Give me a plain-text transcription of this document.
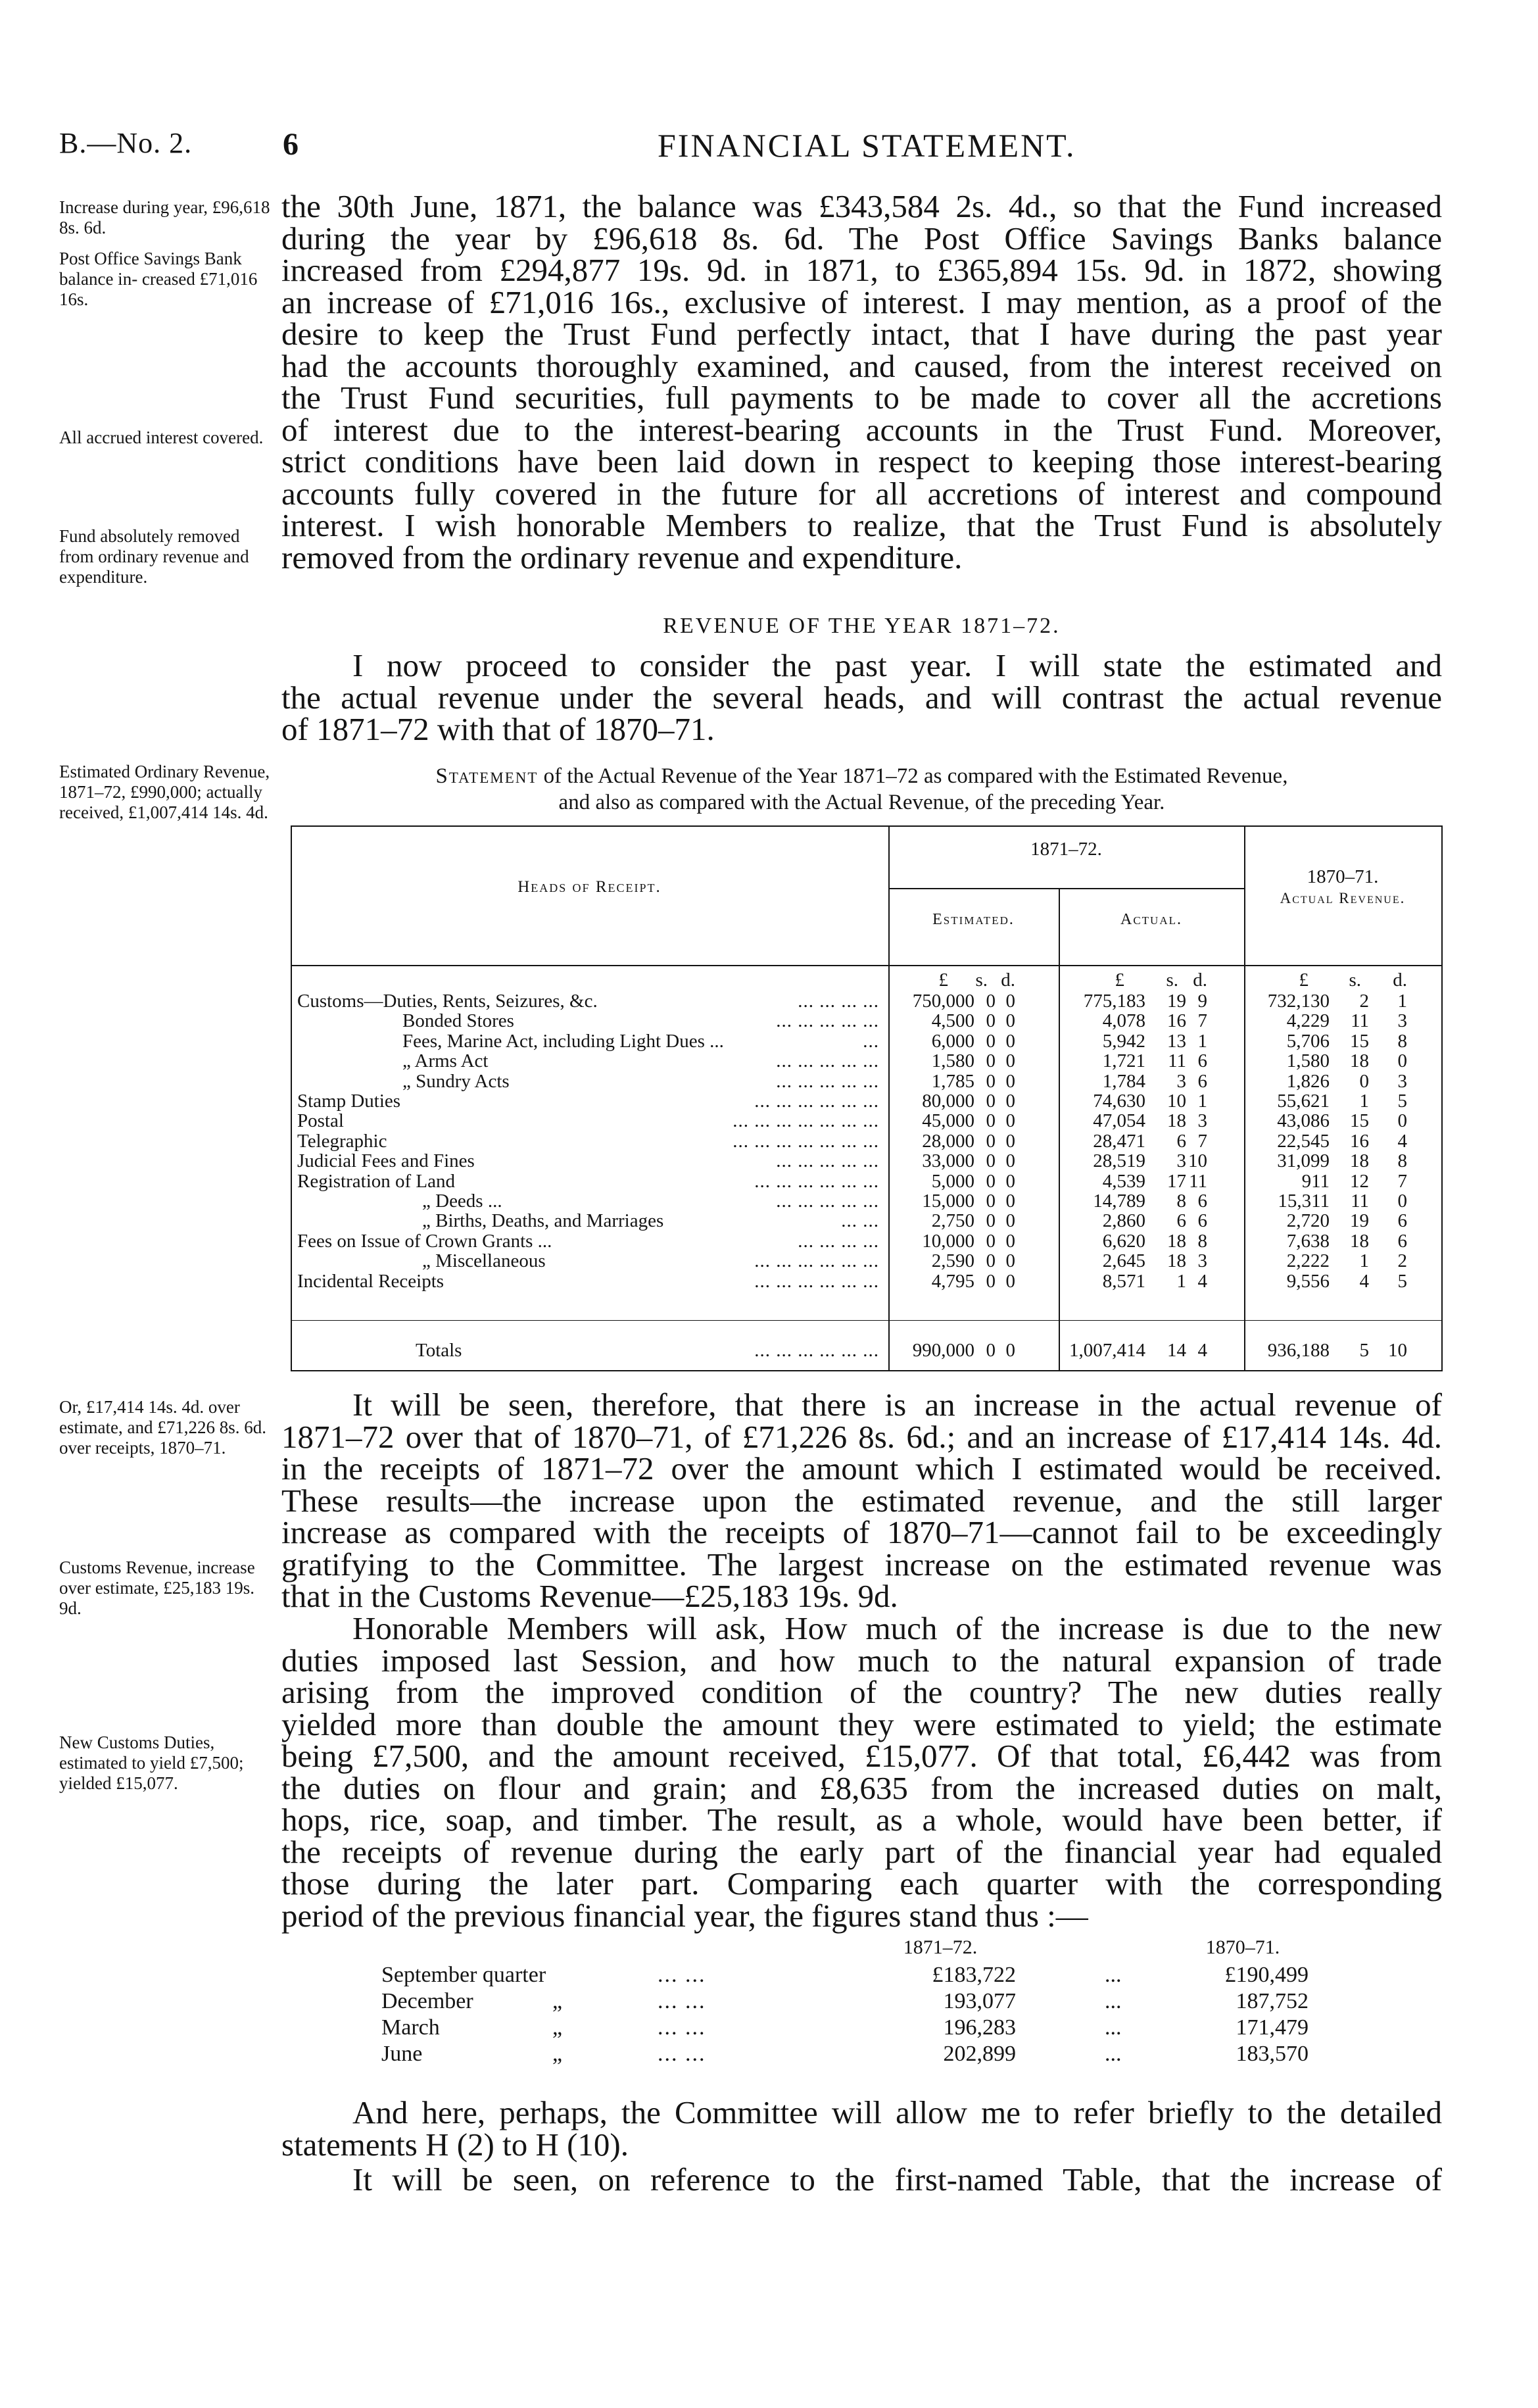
B.—No. 2.	6	FINANCIAL STATEMENT.
Increase during year, £96,618 8s. 6d.
Post Office Savings Bank balance in- creased £71,016 16s.
All accrued interest covered.
Fund absolutely removed from ordinary revenue and expenditure.
Estimated Ordinary Revenue, 1871–72, £990,000; actually received, £1,007,414 14s. 4d.
Or, £17,414 14s. 4d. over estimate, and £71,226 8s. 6d. over receipts, 1870–71.
Customs Revenue, increase over estimate, £25,183 19s. 9d.
New Customs Duties, estimated to yield £7,500; yielded £15,077.
the 30th June, 1871, the balance was £343,584 2s. 4d., so that the Fund increased
during the year by £96,618 8s. 6d. The Post Office Savings Banks balance
increased from £294,877 19s. 9d. in 1871, to £365,894 15s. 9d. in 1872, showing
an increase of £71,016 16s., exclusive of interest. I may mention, as a proof of the
desire to keep the Trust Fund perfectly intact, that I have during the past year
had the accounts thoroughly examined, and caused, from the interest received on
the Trust Fund securities, full payments to be made to cover all the accretions
of interest due to the interest-bearing accounts in the Trust Fund. Moreover,
strict conditions have been laid down in respect to keeping those interest-bearing
accounts fully covered in the future for all accretions of interest and compound
interest. I wish honorable Members to realize, that the Trust Fund is absolutely
removed from the ordinary revenue and expenditure.
REVENUE OF THE YEAR 1871–72.
I now proceed to consider the past year. I will state the estimated and
the actual revenue under the several heads, and will contrast the actual revenue
of 1871–72 with that of 1870–71.
Statement of the Actual Revenue of the Year 1871–72 as compared with the Estimated Revenue,
and also as compared with the Actual Revenue, of the preceding Year.
Heads of Receipt.
1871–72.
Estimated.	Actual.
1870–71.
Actual Revenue.
£ s. d.	£ s. d.	£ s. d.
Customs—Duties, Rents, Seizures, &c.	... ... ... ... 750,000 0 0	775,183 19 9	732,130 2 1
Bonded Stores	... ... ... ... ...	4,500 0 0	4,078 16 7	4,229 11 3
Fees, Marine Act, including Light Dues ...	...	6,000 0 0	5,942 13 1	5,706 15 8
„ Arms Act	... ... ... ... ...	1,580 0 0	1,721 11 6	1,580 18 0
„ Sundry Acts	... ... ... ... ...	1,785 0 0	1,784 3 6	1,826 0 3
Stamp Duties	... ... ... ... ... ... 80,000 0 0	74,630 10 1	55,621 1 5
Postal	... ... ... ... ... ... ... 45,000 0 0	47,054 18 3	43,086 15 0
Telegraphic	... ... ... ... ... ... ... 28,000 0 0	28,471 6 7	22,545 16 4
Judicial Fees and Fines	... ... ... ... ... 33,000 0 0	28,519 3 10	31,099 18 8
Registration of Land	... ... ... ... ... ...	5,000 0 0	4,539 17 11	911 12 7
„ Deeds ...	... ... ... ... ... 15,000 0 0	14,789 8 6	15,311 11 0
„ Births, Deaths, and Marriages	... ...	2,750 0 0	2,860 6 6	2,720 19 6
Fees on Issue of Crown Grants ...	... ... ... ... 10,000 0 0	6,620 18 8	7,638 18 6
„ Miscellaneous	... ... ... ... ... ...	2,590 0 0	2,645 18 3	2,222 1 2
Incidental Receipts	... ... ... ... ... ...	4,795 0 0	8,571 1 4	9,556 4 5
Totals	... ... ... ... ... ... 990,000 0 0	1,007,414 14 4	936,188 5 10
It will be seen, therefore, that there is an increase in the actual revenue of
1871–72 over that of 1870–71, of £71,226 8s. 6d.; and an increase of £17,414 14s. 4d.
in the receipts of 1871–72 over the amount which I estimated would be received.
These results—the increase upon the estimated revenue, and the still larger
increase as compared with the receipts of 1870–71—cannot fail to be exceedingly
gratifying to the Committee. The largest increase on the estimated revenue was
that in the Customs Revenue—£25,183 19s. 9d.
Honorable Members will ask, How much of the increase is due to the new
duties imposed last Session, and how much to the natural expansion of trade
arising from the improved condition of the country? The new duties really
yielded more than double the amount they were estimated to yield; the estimate
being £7,500, and the amount received, £15,077. Of that total, £6,442 was from
the duties on flour and grain; and £8,635 from the increased duties on malt,
hops, rice, soap, and timber. The result, as a whole, would have been better, if
the receipts of revenue during the early part of the financial year had equaled
those during the later part. Comparing each quarter with the corresponding
period of the previous financial year, the figures stand thus :—
1871–72.	1870–71.
September quarter	... ...	£183,722	...	£190,499
December	„	... ...	193,077	...	187,752
March	„	... ...	196,283	...	171,479
June	„	... ...	202,899	...	183,570
And here, perhaps, the Committee will allow me to refer briefly to the detailed
statements H (2) to H (10).
It will be seen, on reference to the first-named Table, that the increase of
